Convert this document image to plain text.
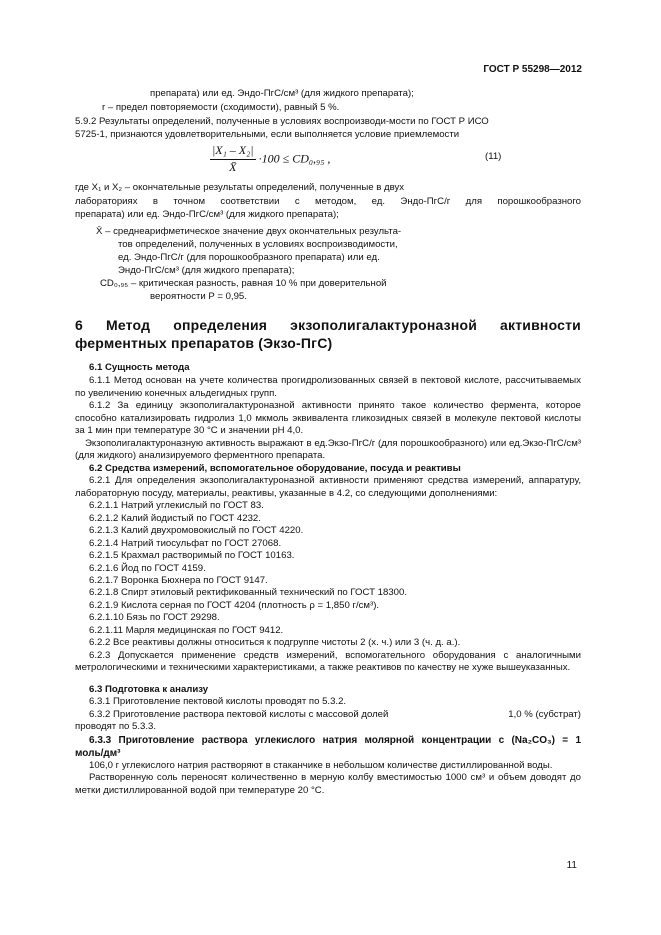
ГОСТ Р 55298—2012
препарата) или ед. Эндо-ПгС/см³ (для жидкого препарата);
r – предел повторяемости (сходимости), равный 5 %.
5.9.2 Результаты определений, полученные в условиях воспроизводи-мости по ГОСТ Р ИСО
5725-1, признаются удовлетворительными, если выполняется условие приемлемости
$\frac{\text{|X₁ – X₂|}}{X̄} \cdot 100 \le CD_0,_{95}$ ,	(11)
где X₁ и X₂ – окончательные результаты определений, полученные в двух
лабораториях в точном соответствии с методом, ед. Эндо-ПгС/г для порошкообразного
препарата) или ед. Эндо-ПгС/см³ (для жидкого препарата);
X̄ – среднеарифметическое значение двух окончательных результа-
тов определений, полученных в условиях воспроизводимости,
ед. Эндо-ПгС/г (для порошкообразного препарата) или ед.
Эндо-ПгС/см³ (для жидкого препарата);
CD₀,₉₅ – критическая разность, равная 10 % при доверительной
вероятности P = 0,95.
6 Метод определения экзополигалактуроназной активности
ферментных препаратов (Экзо-ПгС)
6.1 Сущность метода
6.1.1 Метод основан на учете количества прогидролизованных связей в пектовой кислоте, рассчитываемых по увеличению конечных альдегидных групп.
6.1.2 За единицу экзополигалактуроназной активности принято такое количество фермента, которое способно катализировать гидролиз 1,0 мкмоль эквивалента гликозидных связей в молекуле пектовой кислоты за 1 мин при температуре 30 °С и значении pH 4,0.
Экзополигалактуроназную активность выражают в ед.Экзо-ПгС/г (для порошкообразного) или ед.Экзо-ПгС/см³ (для жидкого) анализируемого ферментного препарата.
6.2 Средства измерений, вспомогательное оборудование, посуда и реактивы
6.2.1 Для определения экзополигалактуроназной активности применяют средства измерений, аппаратуру, лабораторную посуду, материалы, реактивы, указанные в 4.2, со следующими дополнениями:
6.2.1.1 Натрий углекислый по ГОСТ 83.
6.2.1.2 Калий йодистый по ГОСТ 4232.
6.2.1.3 Калий двухромовокислый по ГОСТ 4220.
6.2.1.4 Натрий тиосульфат по ГОСТ 27068.
6.2.1.5 Крахмал растворимый по ГОСТ 10163.
6.2.1.6 Йод по ГОСТ 4159.
6.2.1.7 Воронка Бюхнера по ГОСТ 9147.
6.2.1.8 Спирт этиловый ректификованный технический по ГОСТ 18300.
6.2.1.9 Кислота серная по ГОСТ 4204 (плотность ρ = 1,850 г/см³).
6.2.1.10 Бязь по ГОСТ 29298.
6.2.1.11 Марля медицинская по ГОСТ 9412.
6.2.2 Все реактивы должны относиться к подгруппе чистоты 2 (х. ч.) или 3 (ч. д. а.).
6.2.3 Допускается применение средств измерений, вспомогательного оборудования с аналогичными метрологическими и техническими характеристиками, а также реактивов по качеству не хуже вышеуказанных.
6.3 Подготовка к анализу
6.3.1 Приготовление пектовой кислоты проводят по 5.3.2.
6.3.2 Приготовление раствора пектовой кислоты с массовой долей	1,0 % (субстрат)
проводят по 5.3.3.
6.3.3 Приготовление раствора углекислого натрия молярной концентрации c (Na₂CO₃) = 1
моль/дм³
106,0 г углекислого натрия растворяют в стаканчике в небольшом количестве дистиллированной воды.
Растворенную соль переносят количественно в мерную колбу вместимостью 1000 см³ и объем доводят до метки дистиллированной водой при температуре 20 °С.
11
